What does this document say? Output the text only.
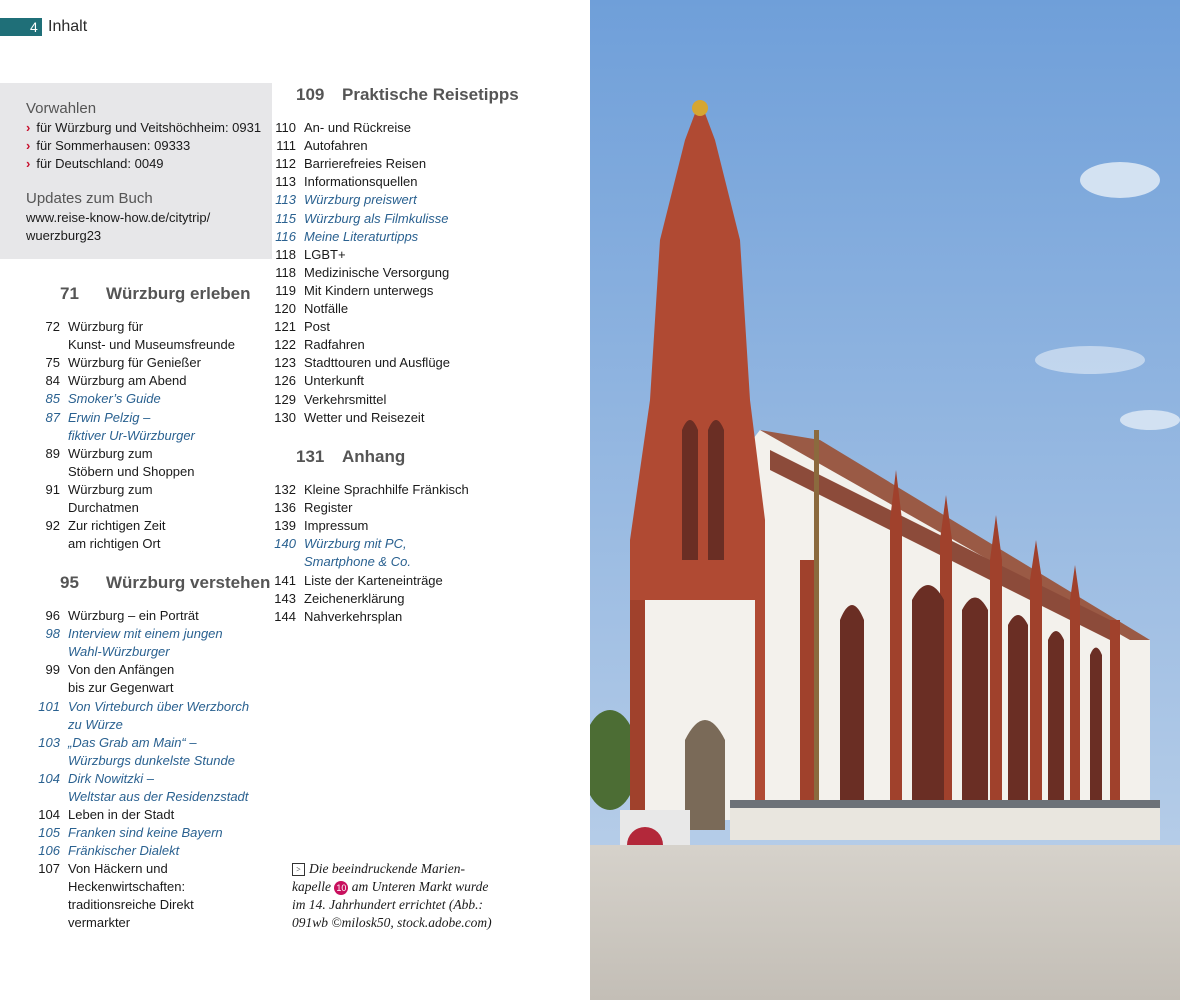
4 Inhalt
Vorwahlen
› für Würzburg und Veitshöchheim: 0931
› für Sommerhausen: 09333
› für Deutschland: 0049
Updates zum Buch
www.reise-know-how.de/citytrip/
wuerzburg23
71	Würzburg erleben
72 Würzburg für
Kunst- und Museumsfreunde
75 Würzburg für Genießer
84 Würzburg am Abend
85 Smoker’s Guide
87 Erwin Pelzig –
fiktiver Ur-Würzburger
89 Würzburg zum
Stöbern und Shoppen
91 Würzburg zum
Durchatmen
92 Zur richtigen Zeit
am richtigen Ort
95	Würzburg verstehen
96 Würzburg – ein Porträt
98 Interview mit einem jungen
Wahl-Würzburger
99 Von den Anfängen
bis zur Gegenwart
101 Von Virteburch über Werzborch
zu Würze
103 „Das Grab am Main“ –
Würzburgs dunkelste Stunde
104 Dirk Nowitzki –
Weltstar aus der Residenzstadt
104 Leben in der Stadt
105 Franken sind keine Bayern
106 Fränkischer Dialekt
107 Von Häckern und
Heckenwirtschaften:
traditionsreiche Direkt
vermarkter
109	Praktische Reisetipps
110 An- und Rückreise
111 Autofahren
112 Barrierefreies Reisen
113 Informationsquellen
113 Würzburg preiswert
115 Würzburg als Filmkulisse
116 Meine Literaturtipps
118 LGBT+
118 Medizinische Versorgung
119 Mit Kindern unterwegs
120 Notfälle
121 Post
122 Radfahren
123 Stadttouren und Ausflüge
126 Unterkunft
129 Verkehrsmittel
130 Wetter und Reisezeit
131	Anhang
132 Kleine Sprachhilfe Fränkisch
136 Register
139 Impressum
140 Würzburg mit PC,
Smartphone & Co.
141 Liste der Karteneinträge
143 Zeichenerklärung
144 Nahverkehrsplan
> Die beeindruckende Marien-
kapelle 10 am Unteren Markt wurde
im 14. Jahrhundert errichtet (Abb.:
091wb ©milosk50, stock.adobe.com)
